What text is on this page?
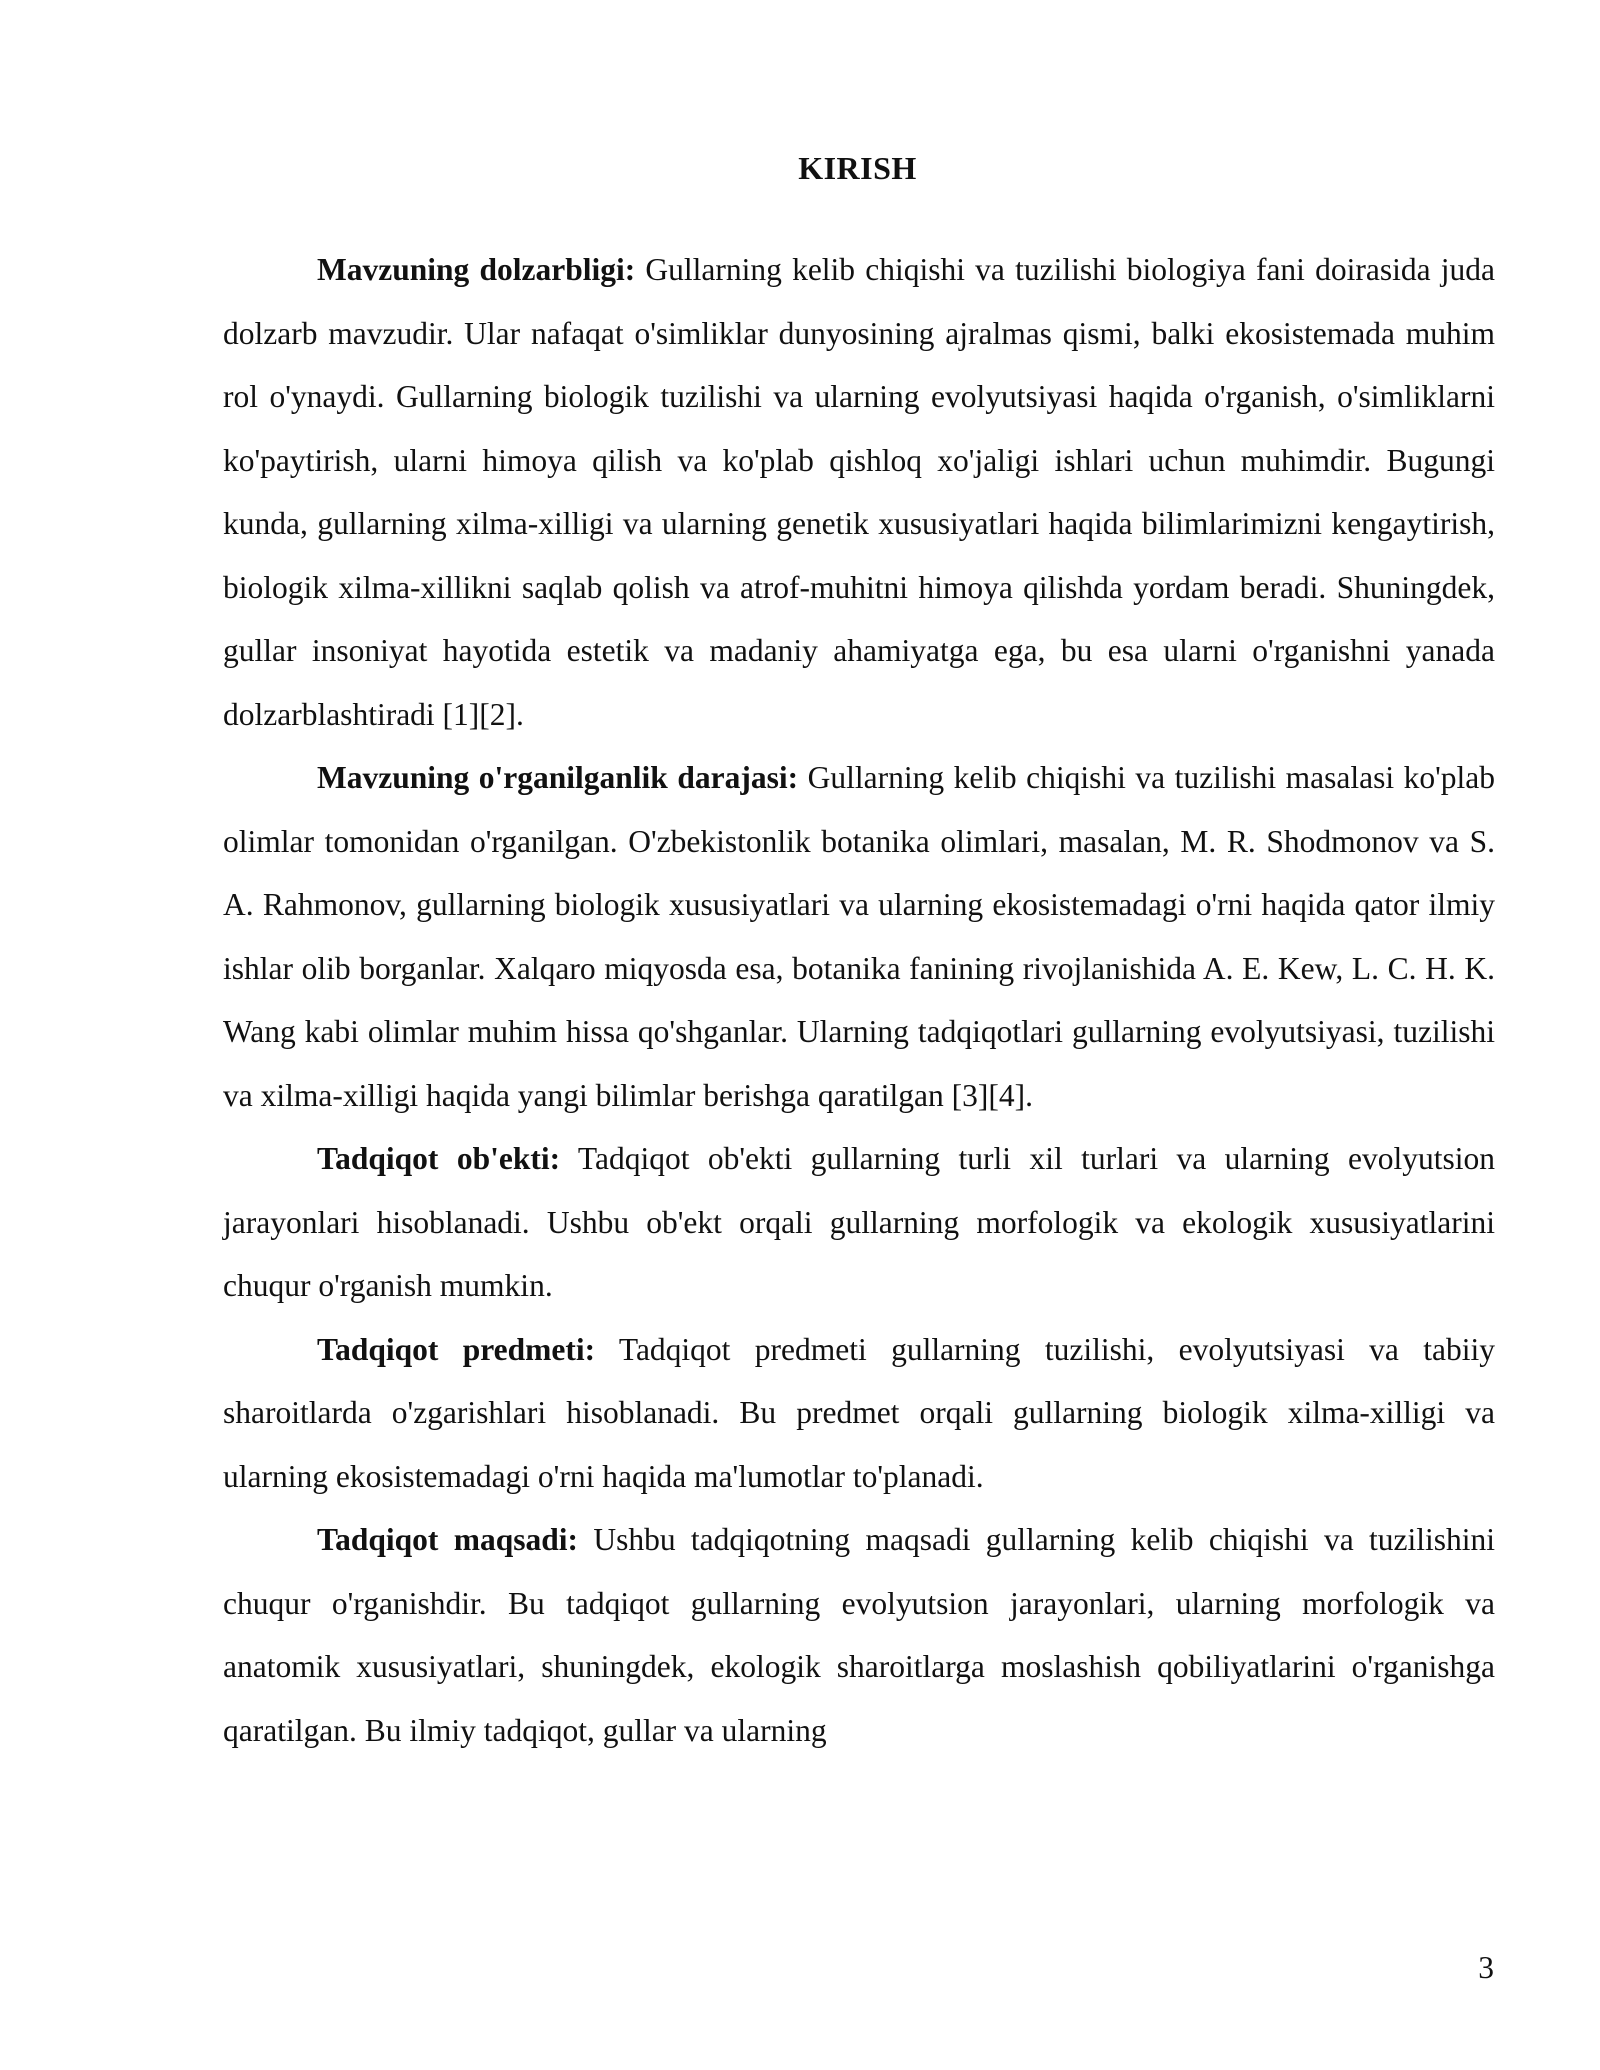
KIRISH

Mavzuning dolzarbligi: Gullarning kelib chiqishi va tuzilishi biologiya fani doirasida juda dolzarb mavzudir. Ular nafaqat o'simliklar dunyosining ajralmas qismi, balki ekosistemada muhim rol o'ynaydi. Gullarning biologik tuzilishi va ularning evolyutsiyasi haqida o'rganish, o'simliklarni ko'paytirish, ularni himoya qilish va ko'plab qishloq xo'jaligi ishlari uchun muhimdir. Bugungi kunda, gullarning xilma-xilligi va ularning genetik xususiyatlari haqida bilimlarimizni kengaytirish, biologik xilma-xillikni saqlab qolish va atrof-muhitni himoya qilishda yordam beradi. Shuningdek, gullar insoniyat hayotida estetik va madaniy ahamiyatga ega, bu esa ularni o'rganishni yanada dolzarblashtiradi [1][2].

Mavzuning o'rganilganlik darajasi: Gullarning kelib chiqishi va tuzilishi masalasi ko'plab olimlar tomonidan o'rganilgan. O'zbekistonlik botanika olimlari, masalan, M. R. Shodmonov va S. A. Rahmonov, gullarning biologik xususiyatlari va ularning ekosistemadagi o'rni haqida qator ilmiy ishlar olib borganlar. Xalqaro miqyosda esa, botanika fanining rivojlanishida A. E. Kew, L. C. H. K. Wang kabi olimlar muhim hissa qo'shganlar. Ularning tadqiqotlari gullarning evolyutsiyasi, tuzilishi va xilma-xilligi haqida yangi bilimlar berishga qaratilgan [3][4].

Tadqiqot ob'ekti: Tadqiqot ob'ekti gullarning turli xil turlari va ularning evolyutsion jarayonlari hisoblanadi. Ushbu ob'ekt orqali gullarning morfologik va ekologik xususiyatlarini chuqur o'rganish mumkin.

Tadqiqot predmeti: Tadqiqot predmeti gullarning tuzilishi, evolyutsiyasi va tabiiy sharoitlarda o'zgarishlari hisoblanadi. Bu predmet orqali gullarning biologik xilma-xilligi va ularning ekosistemadagi o'rni haqida ma'lumotlar to'planadi.

Tadqiqot maqsadi: Ushbu tadqiqotning maqsadi gullarning kelib chiqishi va tuzilishini chuqur o'rganishdir. Bu tadqiqot gullarning evolyutsion jarayonlari, ularning morfologik va anatomik xususiyatlari, shuningdek, ekologik sharoitlarga moslashish qobiliyatlarini o'rganishga qaratilgan. Bu ilmiy tadqiqot, gullar va ularning

3
